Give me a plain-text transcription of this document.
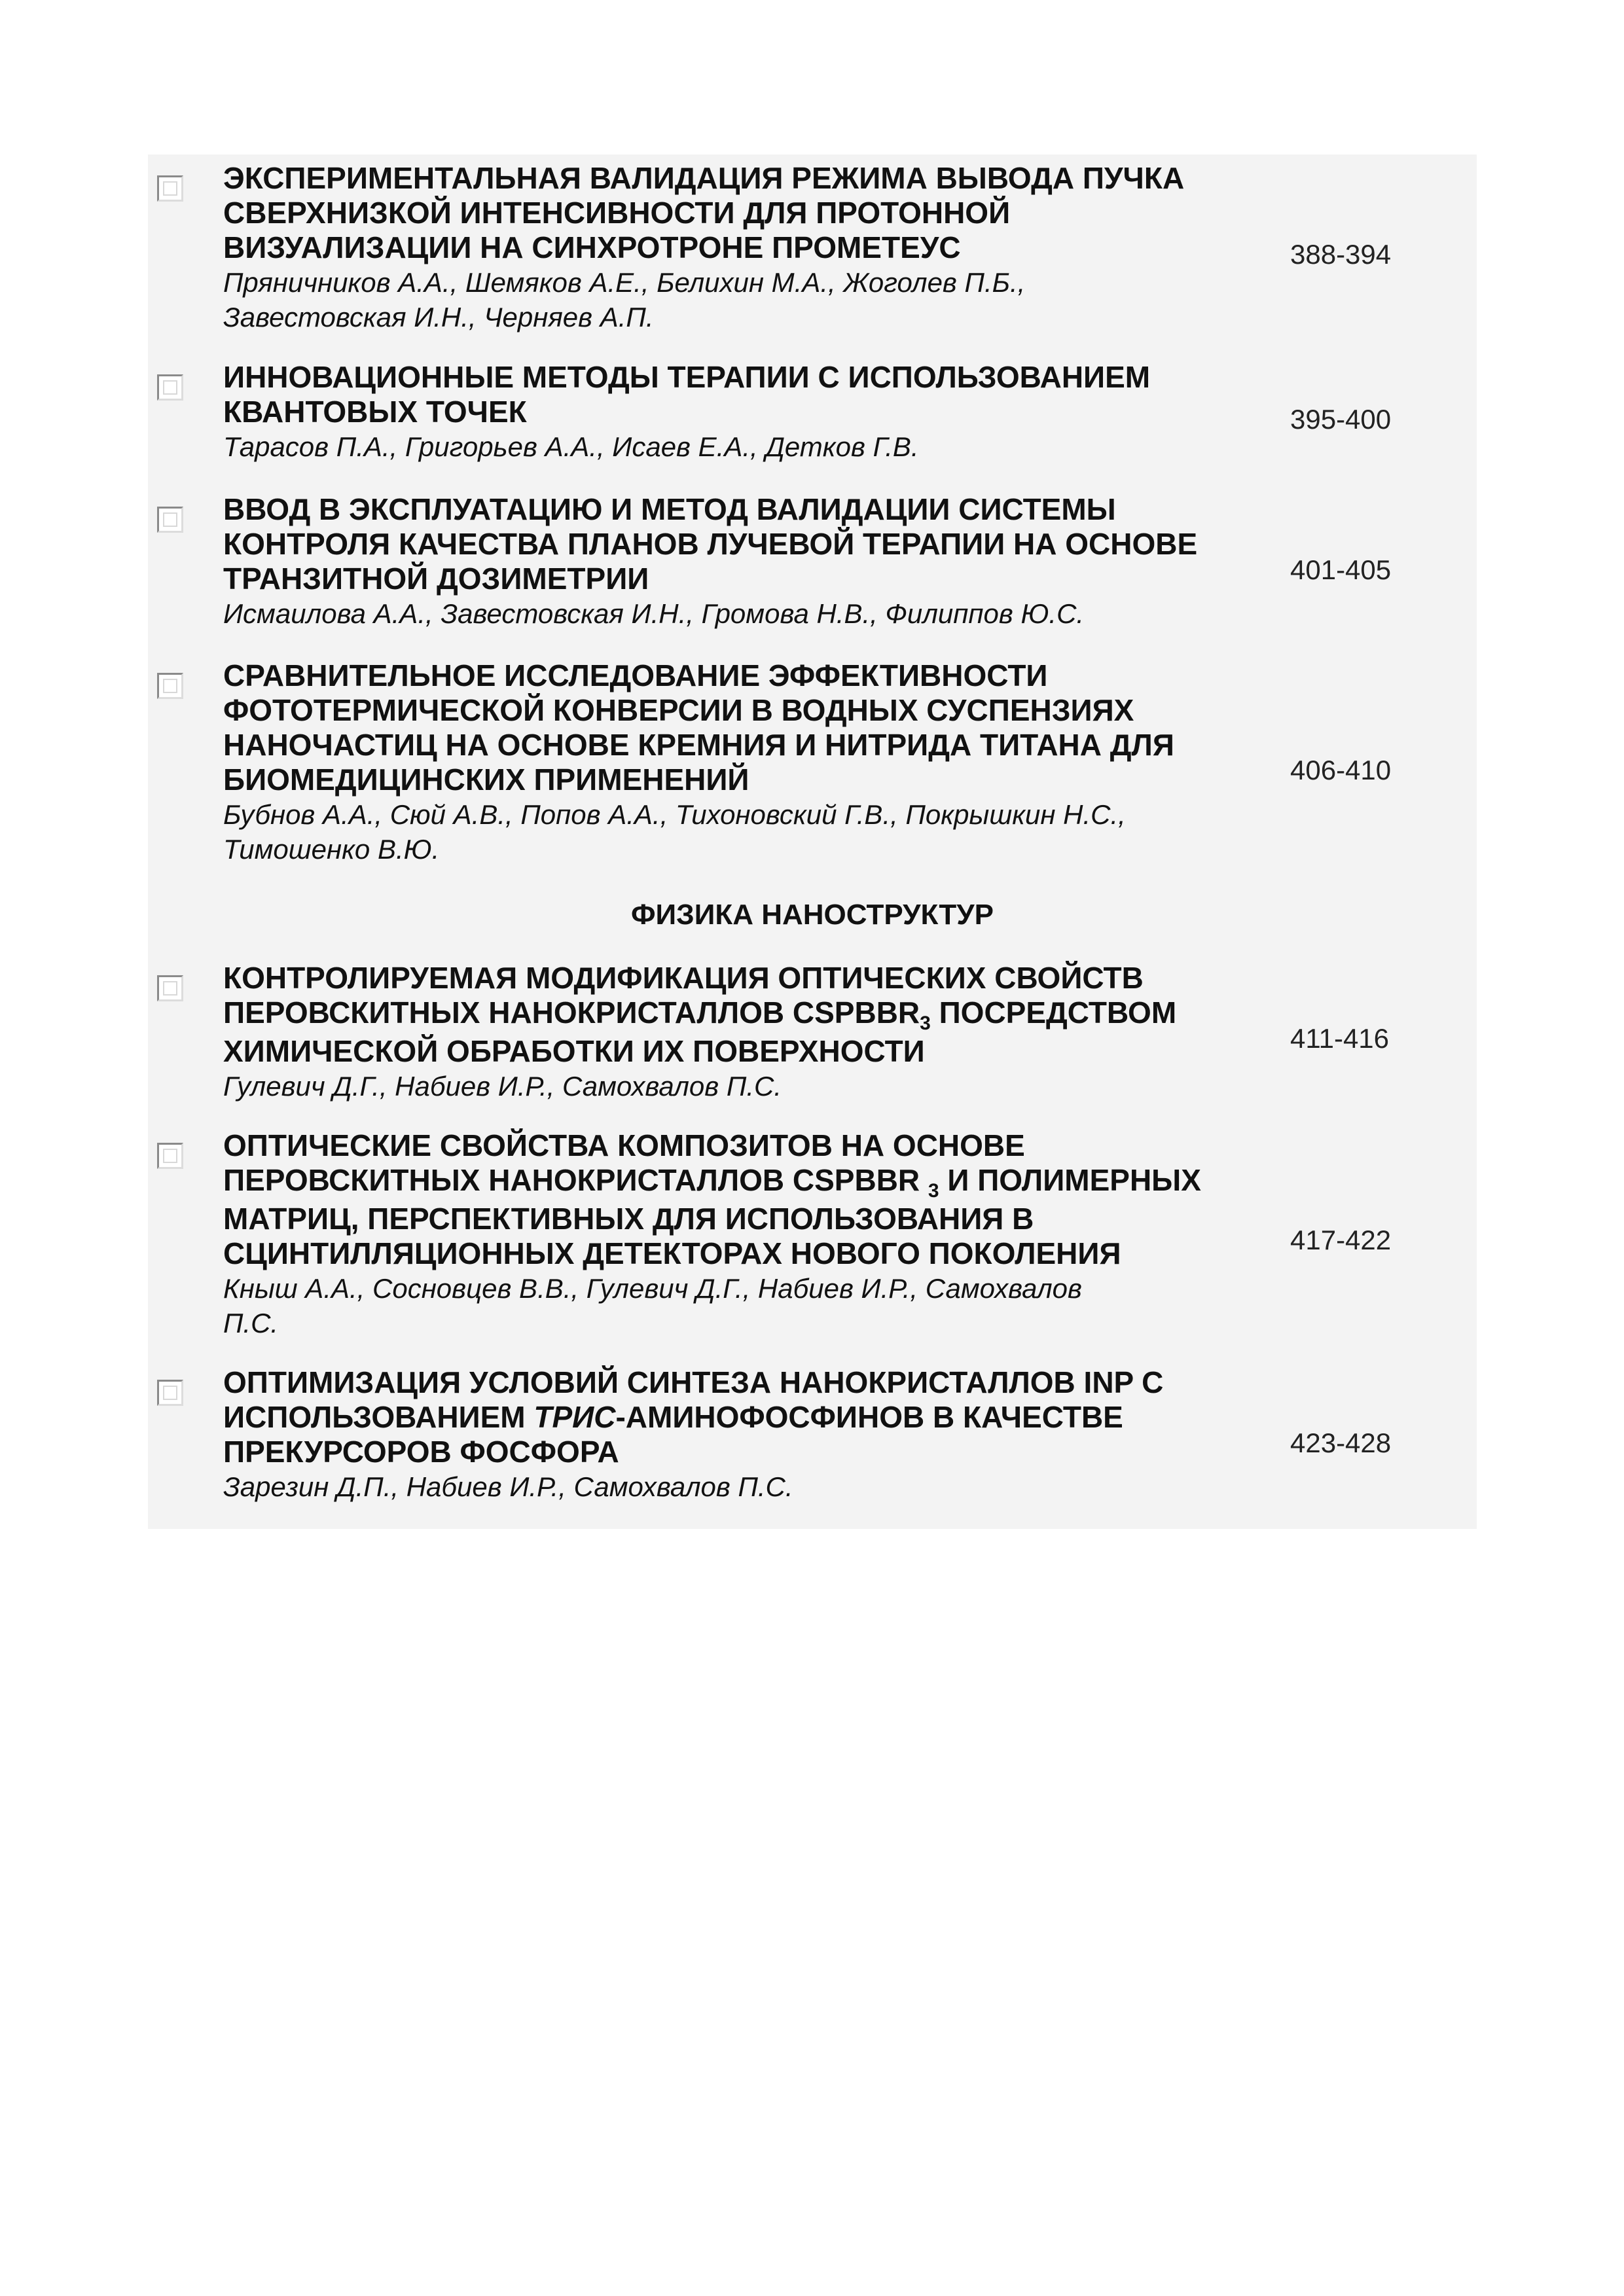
ЭКСПЕРИМЕНТАЛЬНАЯ ВАЛИДАЦИЯ РЕЖИМА ВЫВОДА ПУЧКА

СВЕРХНИЗКОЙ ИНТЕНСИВНОСТИ ДЛЯ ПРОТОННОЙ

ВИЗУАЛИЗАЦИИ НА СИНХРОТРОНЕ ПРОМЕТЕУС

Пряничников А.А., Шемяков А.Е., Белихин М.А., Жоголев П.Б.,

Завестовская И.Н., Черняев А.П.

388-394

ИННОВАЦИОННЫЕ МЕТОДЫ ТЕРАПИИ С ИСПОЛЬЗОВАНИЕМ

КВАНТОВЫХ ТОЧЕК

Тарасов П.А., Григорьев А.А., Исаев Е.А., Детков Г.В.

395-400

ВВОД В ЭКСПЛУАТАЦИЮ И МЕТОД ВАЛИДАЦИИ СИСТЕМЫ

КОНТРОЛЯ КАЧЕСТВА ПЛАНОВ ЛУЧЕВОЙ ТЕРАПИИ НА ОСНОВЕ

ТРАНЗИТНОЙ ДОЗИМЕТРИИ

Исмаилова А.А., Завестовская И.Н., Громова Н.В., Филиппов Ю.С.

401-405

СРАВНИТЕЛЬНОЕ ИССЛЕДОВАНИЕ ЭФФЕКТИВНОСТИ

ФОТОТЕРМИЧЕСКОЙ КОНВЕРСИИ В ВОДНЫХ СУСПЕНЗИЯХ

НАНОЧАСТИЦ НА ОСНОВЕ КРЕМНИЯ И НИТРИДА ТИТАНА ДЛЯ

БИОМЕДИЦИНСКИХ ПРИМЕНЕНИЙ

Бубнов А.А., Сюй А.В., Попов А.А., Тихоновский Г.В., Покрышкин Н.С.,

Тимошенко В.Ю.

406-410
ФИЗИКА НАНОСТРУКТУР

КОНТРОЛИРУЕМАЯ МОДИФИКАЦИЯ ОПТИЧЕСКИХ СВОЙСТВ

ПЕРОВСКИТНЫХ НАНОКРИСТАЛЛОВ $CSPBBR_3$ ПОСРЕДСТВОМ

ХИМИЧЕСКОЙ ОБРАБОТКИ ИХ ПОВЕРХНОСТИ

Гулевич Д.Г., Набиев И.Р., Самохвалов П.С.

411-416

ОПТИЧЕСКИЕ СВОЙСТВА КОМПОЗИТОВ НА ОСНОВЕ

ПЕРОВСКИТНЫХ НАНОКРИСТАЛЛОВ CSPBBR $_3$ И ПОЛИМЕРНЫХ

МАТРИЦ, ПЕРСПЕКТИВНЫХ ДЛЯ ИСПОЛЬЗОВАНИЯ В

СЦИНТИЛЛЯЦИОННЫХ ДЕТЕКТОРАХ НОВОГО ПОКОЛЕНИЯ

Кныш А.А., Сосновцев В.В., Гулевич Д.Г., Набиев И.Р., Самохвалов

П.С.

417-422

ОПТИМИЗАЦИЯ УСЛОВИЙ СИНТЕЗА НАНОКРИСТАЛЛОВ INP С

ИСПОЛЬЗОВАНИЕМ ТРИС-АМИНОФОСФИНОВ В КАЧЕСТВЕ

ПРЕКУРСОРОВ ФОСФОРА

Зарезин Д.П., Набиев И.Р., Самохвалов П.С.

423-428
